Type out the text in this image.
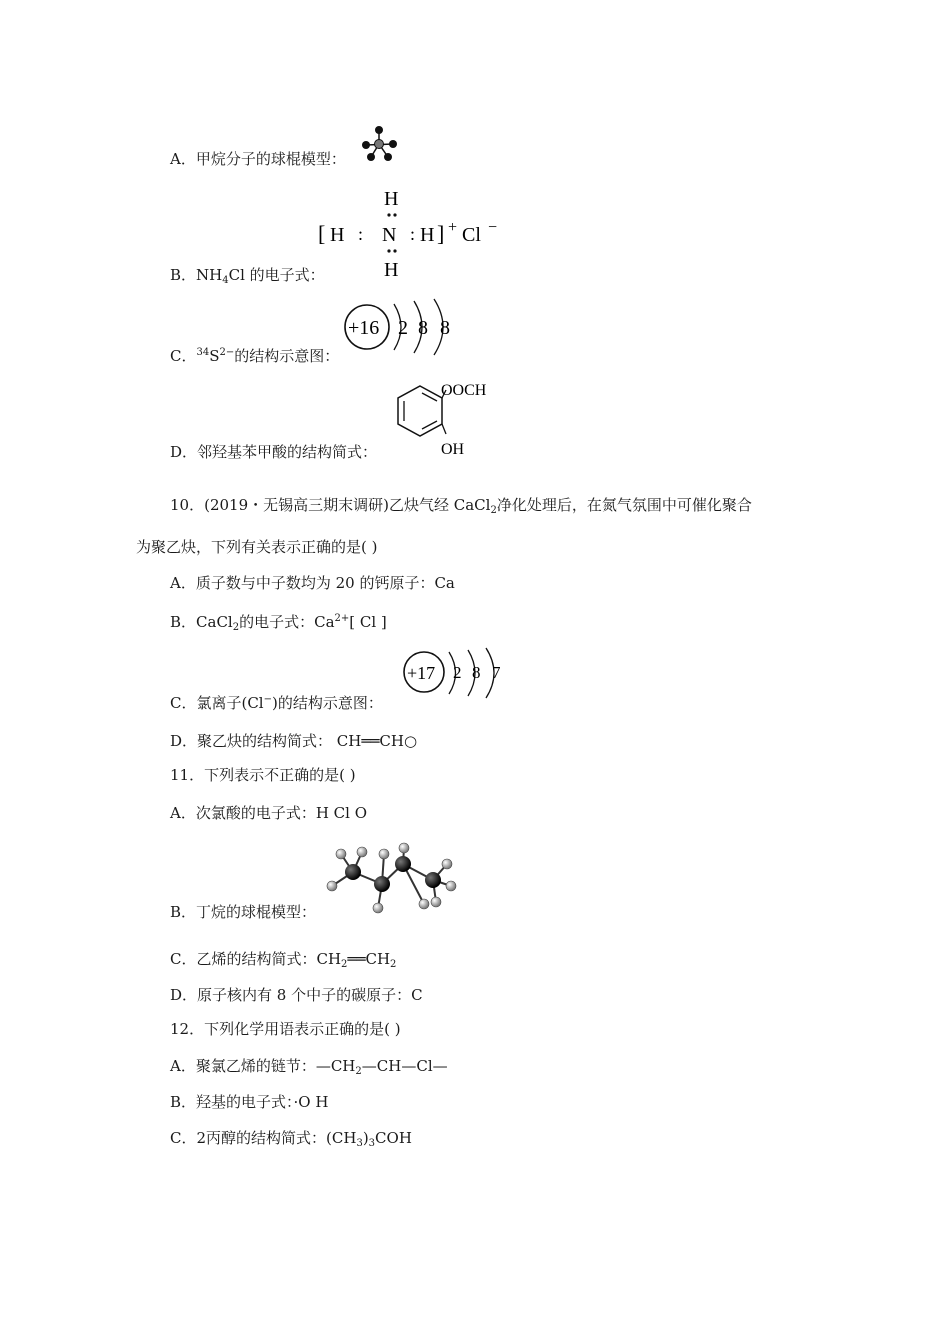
A．甲烷分子的球棍模型：
H
[ H : N : H ] + Cl −
H
B．$NH_4Cl$ 的电子式：
+16 2 8 8
C．$^{34}S^{2-}$的结构示意图：
OOCH
OH
D．邻羟基苯甲酸的结构简式：
10．(2019・无锡高三期末调研)乙炔气经 CaCl$_2$净化处理后，在氮气氛围中可催化聚合
为聚乙炔，下列有关表示正确的是( )
A．质子数与中子数均为 20 的钙原子：Ca
B．CaCl$_2$的电子式：$Ca^{2+}$[ Cl ]
+17 2 8 7
C．氯离子(Cl−)的结构示意图：
D．聚乙炔的结构简式： CH══CH○
11．下列表示不正确的是( )
A．次氯酸的电子式：H Cl O
B．丁烷的球棍模型：
C．乙烯的结构简式：$CH_2══CH_2$
D．原子核内有 8 个中子的碳原子：C
12．下列化学用语表示正确的是( )
A．聚氯乙烯的链节：$—CH_2—CH—Cl—$
B．羟基的电子式：·O H
C．2丙醇的结构简式：$(CH_3)_3COH$
